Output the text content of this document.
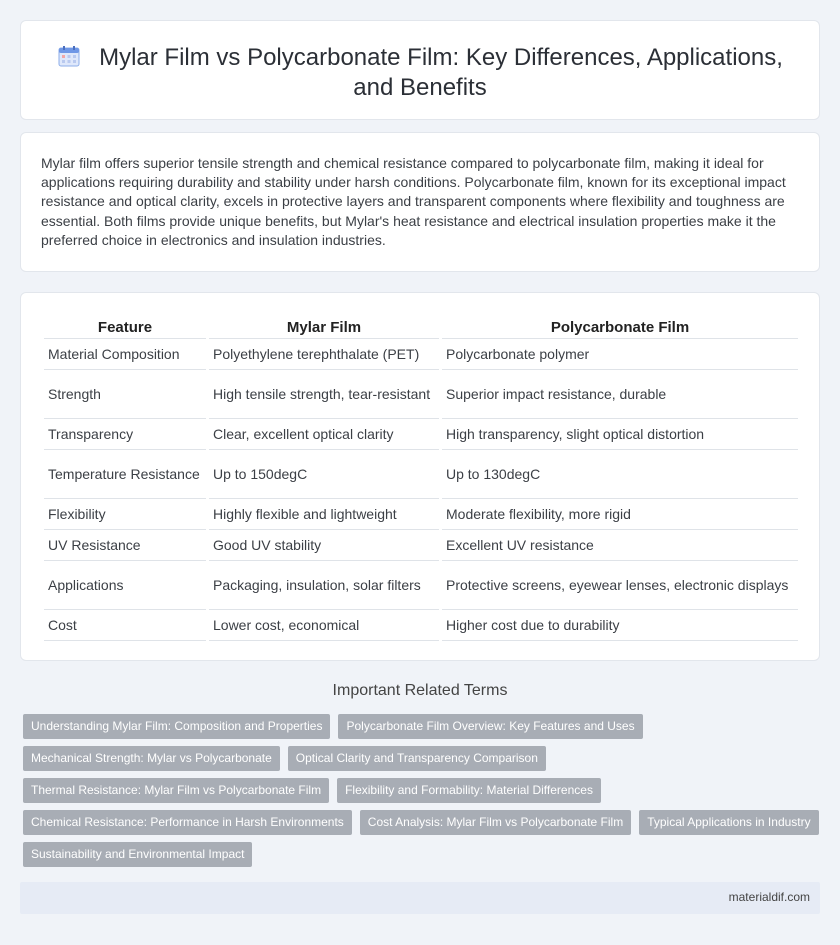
Mylar Film vs Polycarbonate Film: Key Differences, Applications, and Benefits

Mylar film offers superior tensile strength and chemical resistance compared to polycarbonate film, making it ideal for applications requiring durability and stability under harsh conditions. Polycarbonate film, known for its exceptional impact resistance and optical clarity, excels in protective layers and transparent components where flexibility and toughness are essential. Both films provide unique benefits, but Mylar's heat resistance and electrical insulation properties make it the preferred choice in electronics and insulation industries.

Feature	Mylar Film	Polycarbonate Film
Material Composition	Polyethylene terephthalate (PET)	Polycarbonate polymer
Strength	High tensile strength, tear-resistant	Superior impact resistance, durable
Transparency	Clear, excellent optical clarity	High transparency, slight optical distortion
Temperature Resistance	Up to 150degC	Up to 130degC
Flexibility	Highly flexible and lightweight	Moderate flexibility, more rigid
UV Resistance	Good UV stability	Excellent UV resistance
Applications	Packaging, insulation, solar filters	Protective screens, eyewear lenses, electronic displays
Cost	Lower cost, economical	Higher cost due to durability
Important Related Terms
Understanding Mylar Film: Composition and Properties	Polycarbonate Film Overview: Key Features and Uses
Mechanical Strength: Mylar vs Polycarbonate	Optical Clarity and Transparency Comparison
Thermal Resistance: Mylar Film vs Polycarbonate Film	Flexibility and Formability: Material Differences
Chemical Resistance: Performance in Harsh Environments	Cost Analysis: Mylar Film vs Polycarbonate Film	Typical Applications in Industry
Sustainability and Environmental Impact
materialdif.com
